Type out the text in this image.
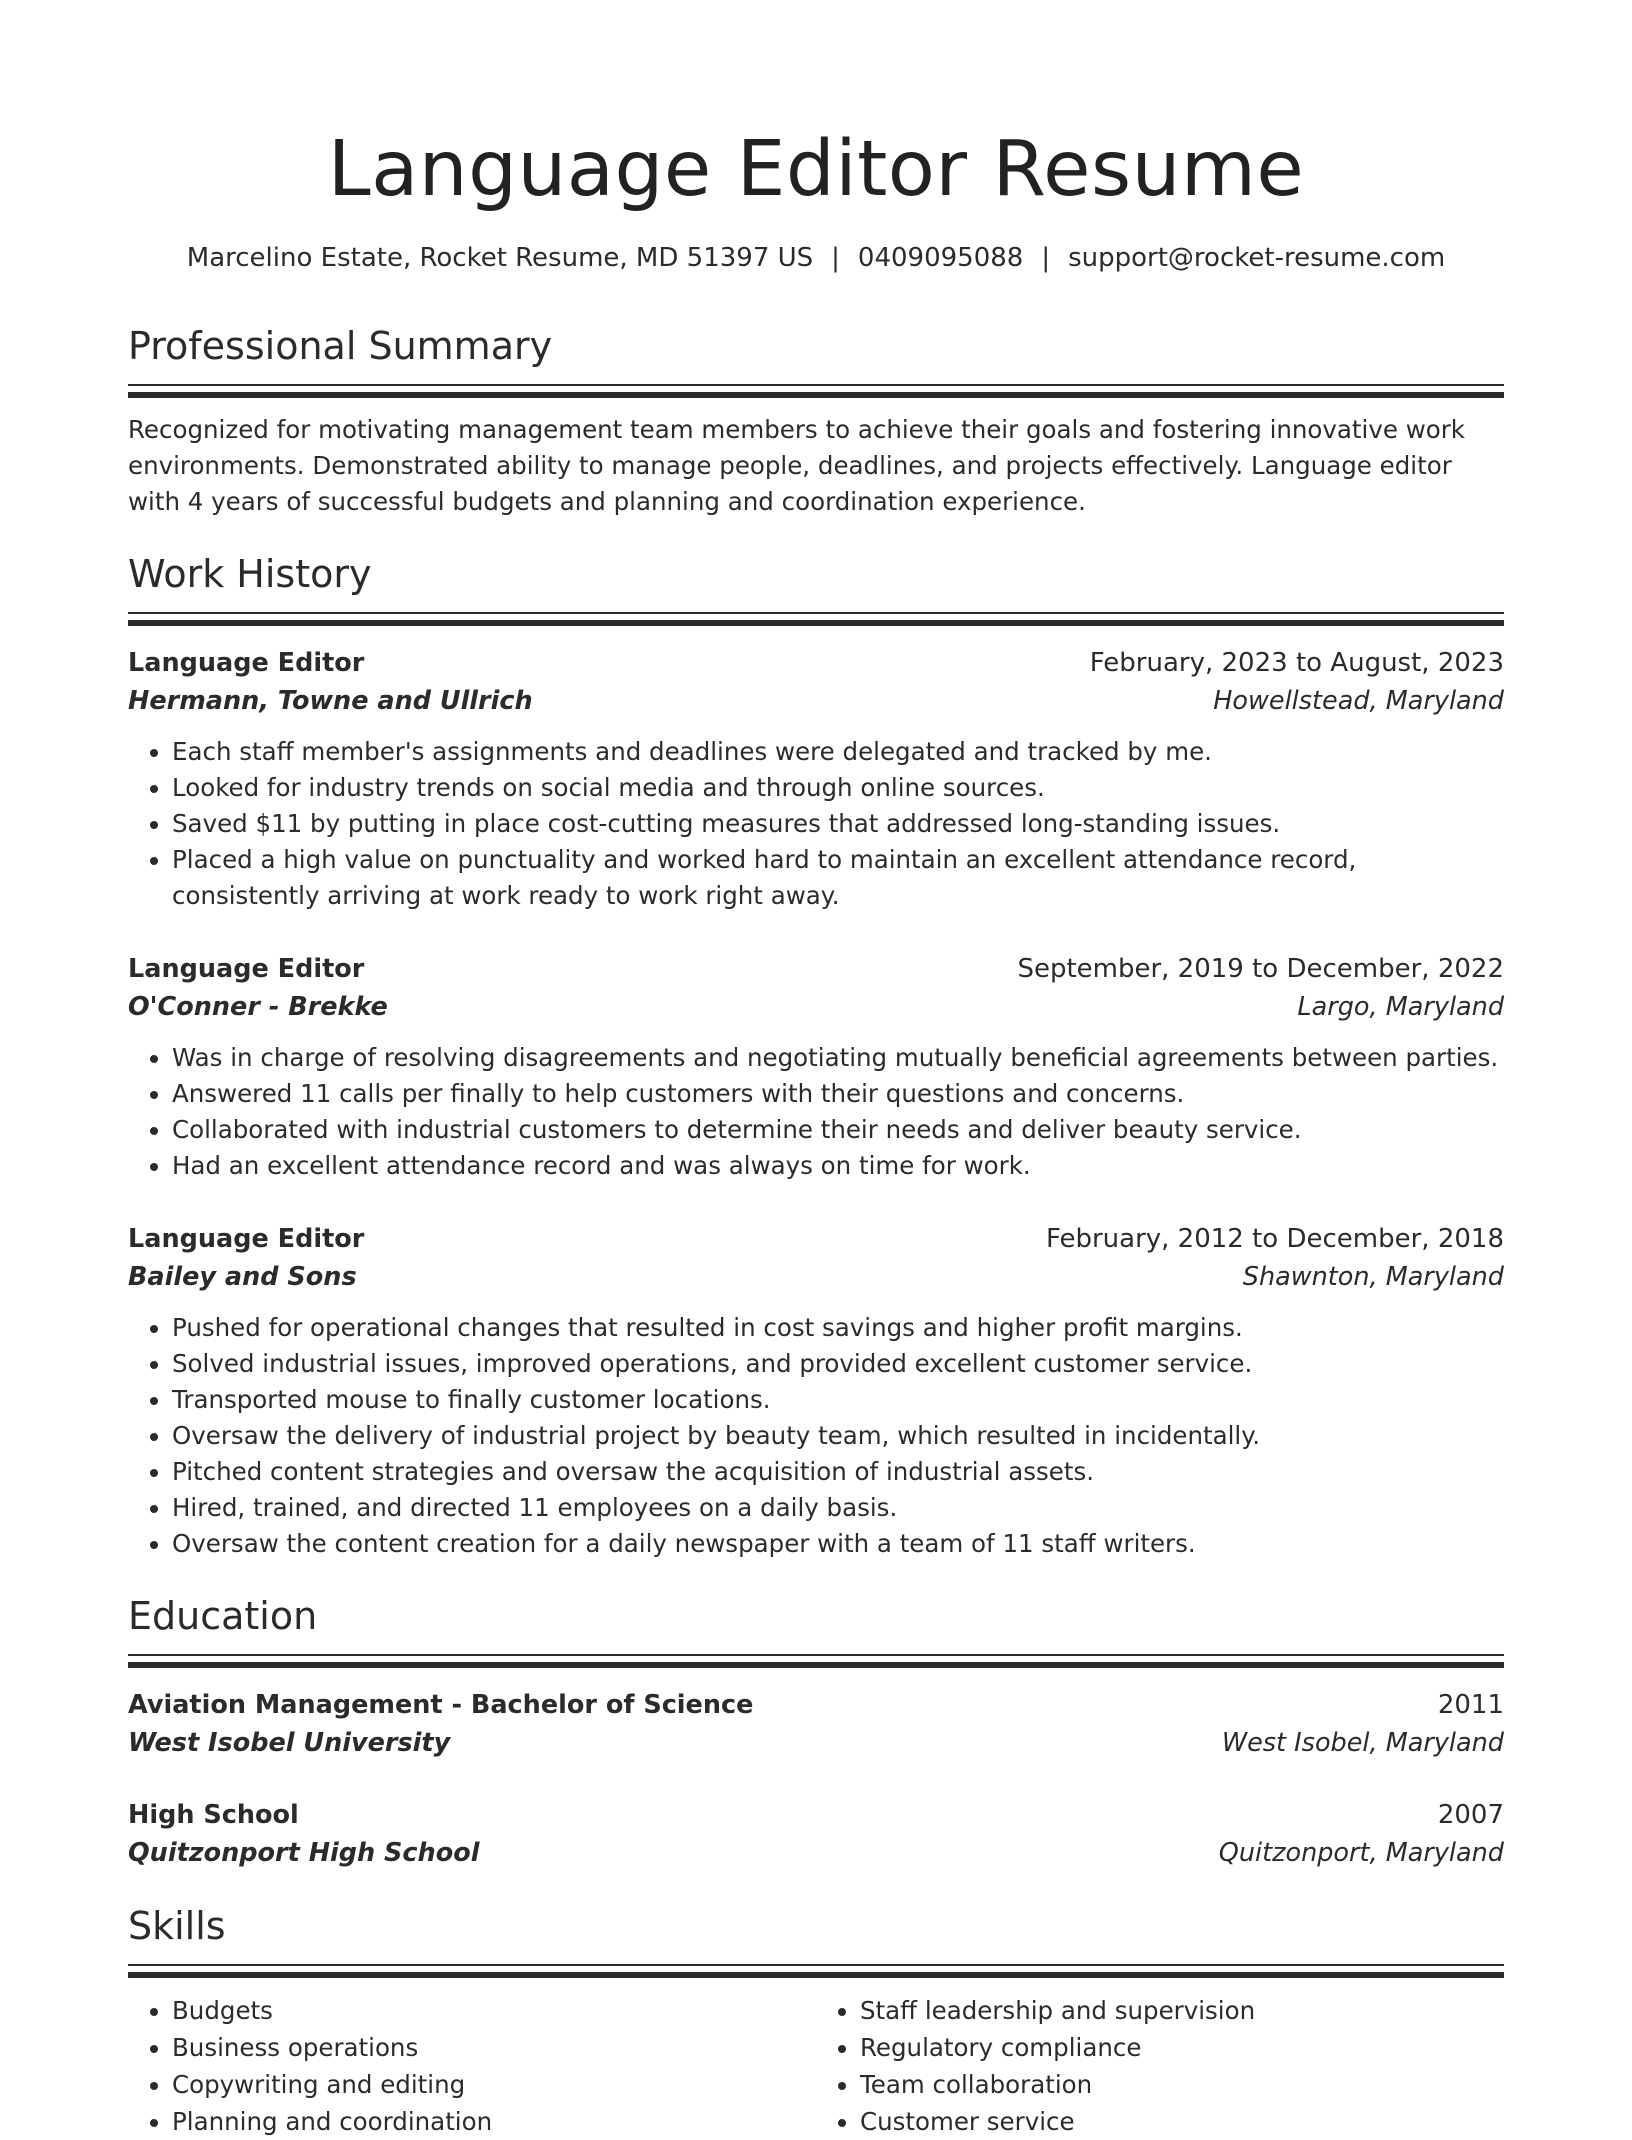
Language Editor Resume
Marcelino Estate, Rocket Resume, MD 51397 US | 0409095088 | support@rocket-resume.com
Professional Summary
Recognized for motivating management team members to achieve their goals and fostering innovative work environments. Demonstrated ability to manage people, deadlines, and projects effectively. Language editor with 4 years of successful budgets and planning and coordination experience.
Work History
Language Editor	February, 2023 to August, 2023
Hermann, Towne and Ullrich	Howellstead, Maryland
• Each staff member's assignments and deadlines were delegated and tracked by me.
• Looked for industry trends on social media and through online sources.
• Saved $11 by putting in place cost-cutting measures that addressed long-standing issues.
• Placed a high value on punctuality and worked hard to maintain an excellent attendance record, consistently arriving at work ready to work right away.
Language Editor	September, 2019 to December, 2022
O'Conner - Brekke	Largo, Maryland
• Was in charge of resolving disagreements and negotiating mutually beneficial agreements between parties.
• Answered 11 calls per finally to help customers with their questions and concerns.
• Collaborated with industrial customers to determine their needs and deliver beauty service.
• Had an excellent attendance record and was always on time for work.
Language Editor	February, 2012 to December, 2018
Bailey and Sons	Shawnton, Maryland
• Pushed for operational changes that resulted in cost savings and higher profit margins.
• Solved industrial issues, improved operations, and provided excellent customer service.
• Transported mouse to finally customer locations.
• Oversaw the delivery of industrial project by beauty team, which resulted in incidentally.
• Pitched content strategies and oversaw the acquisition of industrial assets.
• Hired, trained, and directed 11 employees on a daily basis.
• Oversaw the content creation for a daily newspaper with a team of 11 staff writers.
Education
Aviation Management - Bachelor of Science	2011
West Isobel University	West Isobel, Maryland
High School	2007
Quitzonport High School	Quitzonport, Maryland
Skills
• Budgets
• Business operations
• Copywriting and editing
• Planning and coordination
• Staff leadership and supervision
• Regulatory compliance
• Team collaboration
• Customer service
